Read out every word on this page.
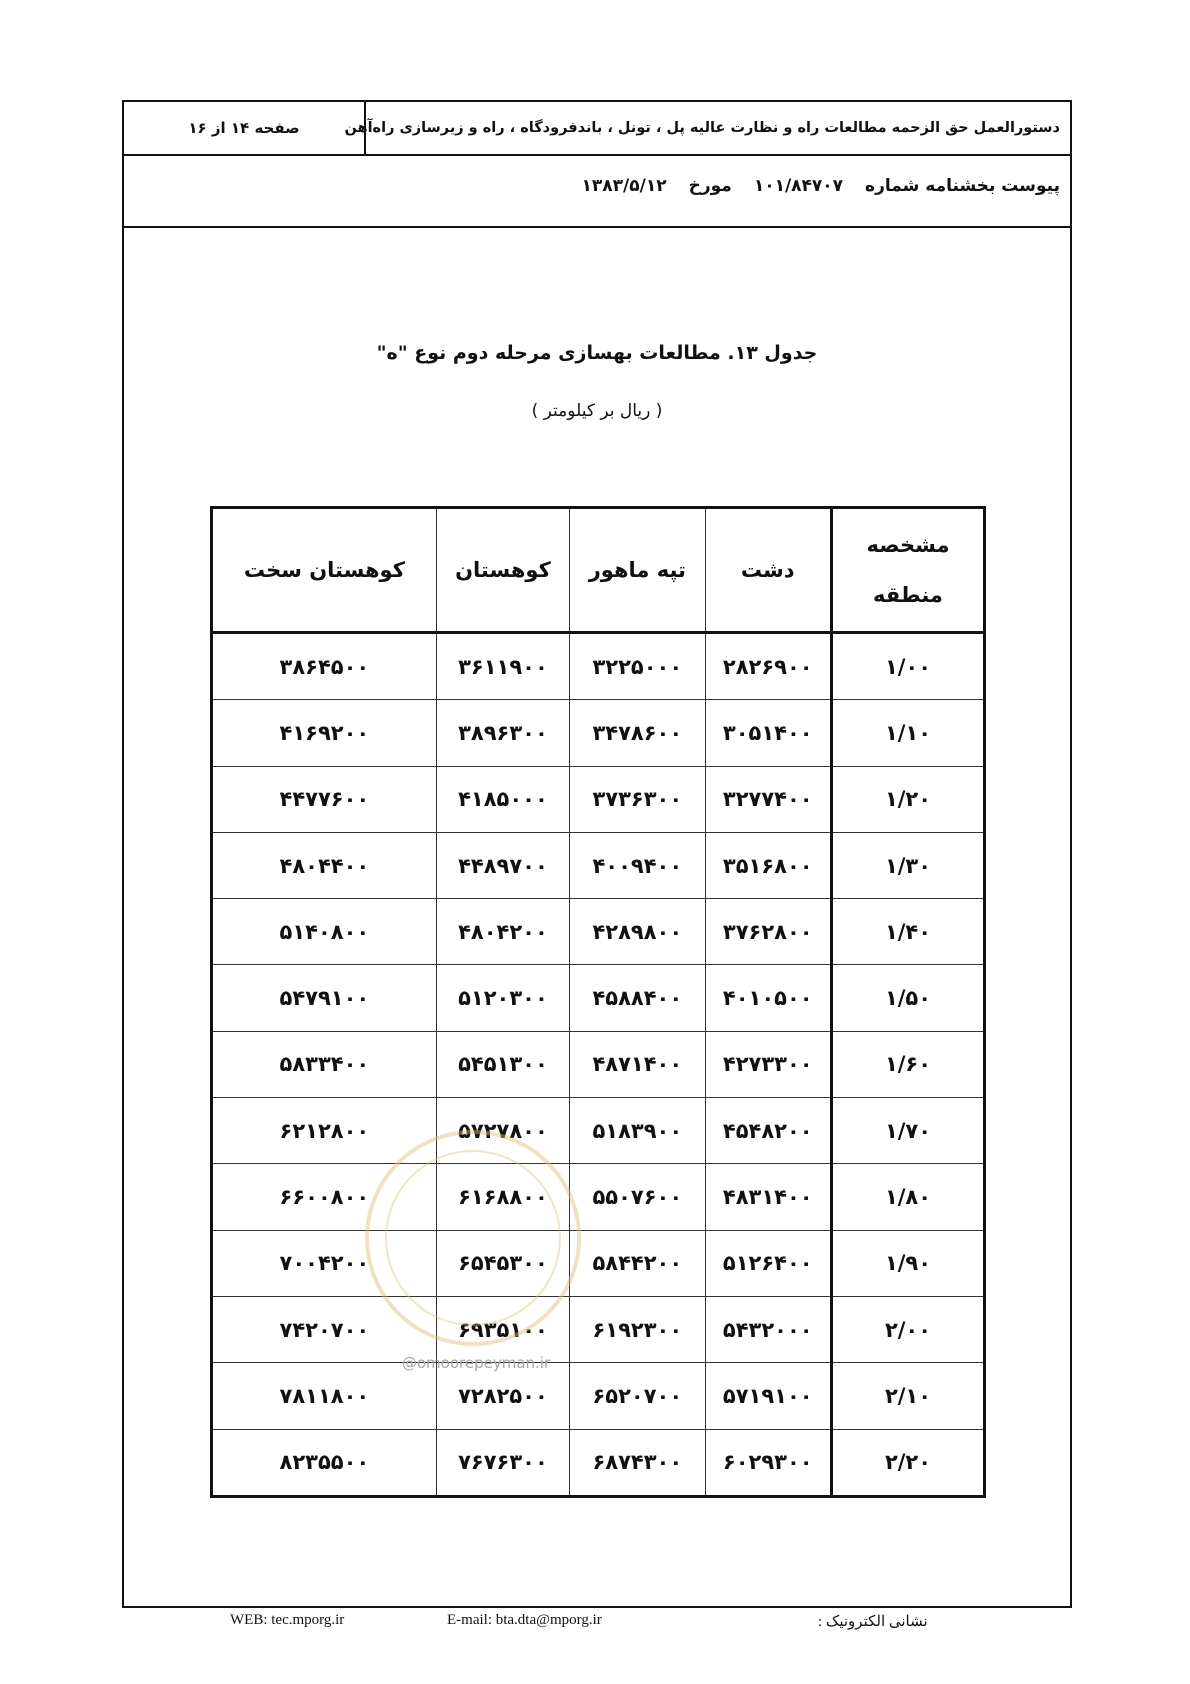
صفحه ۱۴ از ۱۶	دستورالعمل حق الزحمه مطالعات راه و نظارت عالیه پل ، تونل ، باندفرودگاه ، راه و زیرسازی راه‌آهن
پیوست بخشنامه شماره۱۰۱/۸۴۷۰۷مورخ۱۳۸۳/۵/۱۲
جدول ۱۳. مطالعات بهسازی مرحله دوم نوع "ه"
( ریال بر کیلومتر )
مشخصه منطقه	دشت	تپه ماهور	کوهستان	کوهستان سخت
۱/۰۰	۲۸۲۶۹۰۰	۳۲۲۵۰۰۰	۳۶۱۱۹۰۰	۳۸۶۴۵۰۰
۱/۱۰	۳۰۵۱۴۰۰	۳۴۷۸۶۰۰	۳۸۹۶۳۰۰	۴۱۶۹۲۰۰
۱/۲۰	۳۲۷۷۴۰۰	۳۷۳۶۳۰۰	۴۱۸۵۰۰۰	۴۴۷۷۶۰۰
۱/۳۰	۳۵۱۶۸۰۰	۴۰۰۹۴۰۰	۴۴۸۹۷۰۰	۴۸۰۴۴۰۰
۱/۴۰	۳۷۶۲۸۰۰	۴۲۸۹۸۰۰	۴۸۰۴۲۰۰	۵۱۴۰۸۰۰
۱/۵۰	۴۰۱۰۵۰۰	۴۵۸۸۴۰۰	۵۱۲۰۳۰۰	۵۴۷۹۱۰۰
۱/۶۰	۴۲۷۳۳۰۰	۴۸۷۱۴۰۰	۵۴۵۱۳۰۰	۵۸۳۳۴۰۰
۱/۷۰	۴۵۴۸۲۰۰	۵۱۸۳۹۰۰	۵۷۲۷۸۰۰	۶۲۱۲۸۰۰
۱/۸۰	۴۸۳۱۴۰۰	۵۵۰۷۶۰۰	۶۱۶۸۸۰۰	۶۶۰۰۸۰۰
۱/۹۰	۵۱۲۶۴۰۰	۵۸۴۴۲۰۰	۶۵۴۵۳۰۰	۷۰۰۴۲۰۰
۲/۰۰	۵۴۳۲۰۰۰	۶۱۹۲۳۰۰	۶۹۳۵۱۰۰	۷۴۲۰۷۰۰
۲/۱۰	۵۷۱۹۱۰۰	۶۵۲۰۷۰۰	۷۲۸۲۵۰۰	۷۸۱۱۸۰۰
۲/۲۰	۶۰۲۹۳۰۰	۶۸۷۴۳۰۰	۷۶۷۶۳۰۰	۸۲۳۵۵۰۰
@omoorepeyman.ir
WEB: tec.mporg.ir	E-mail: bta.dta@mporg.ir	نشانی الکترونیک :
